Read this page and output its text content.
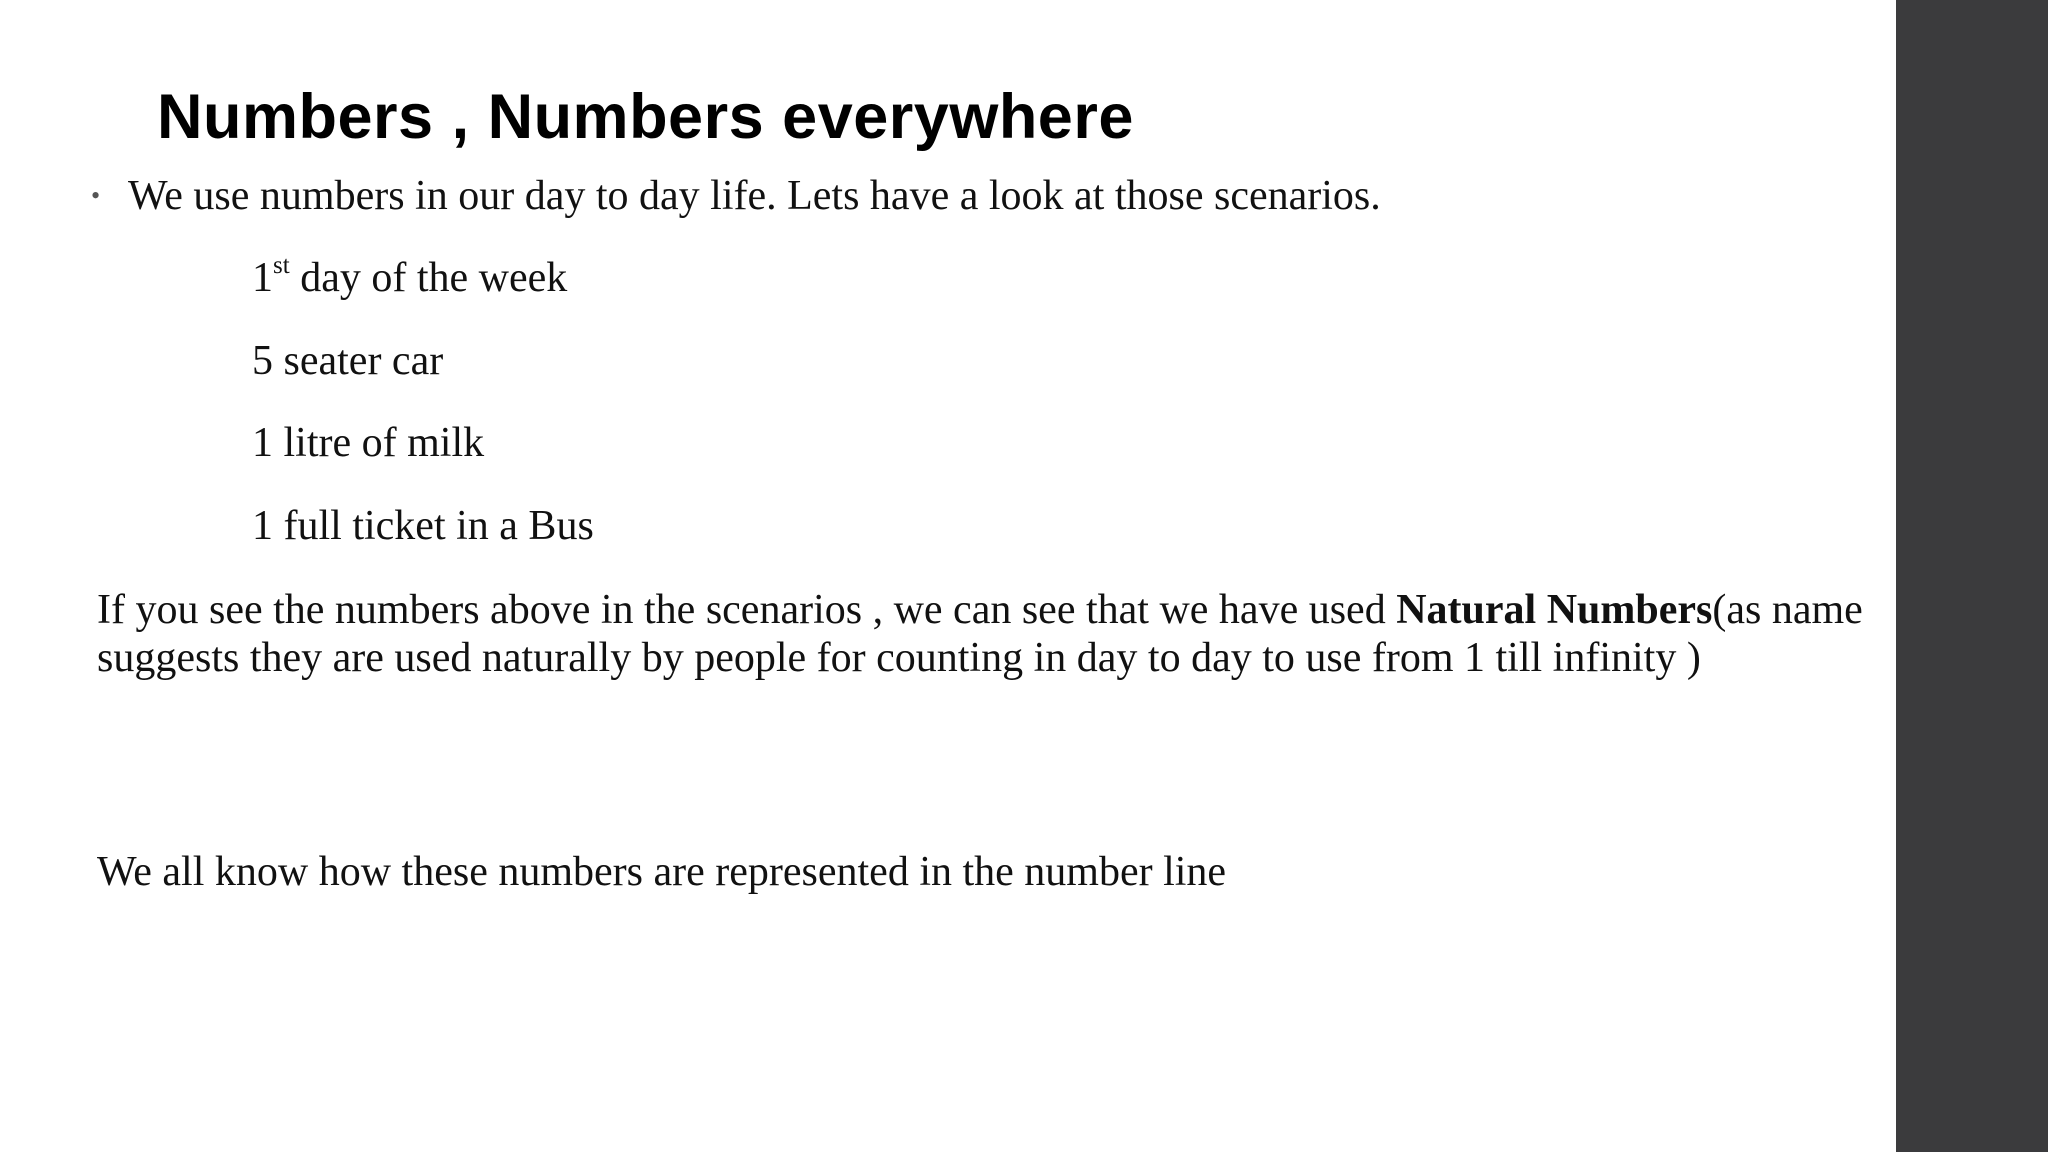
Numbers , Numbers everywhere
• We use numbers in our day to day life. Lets have a look at those scenarios.
1st day of the week
5 seater car
1 litre of milk
1 full ticket in a Bus

If you see the numbers above in the scenarios , we can see that we have used Natural Numbers(as name suggests they are used naturally by people for counting in day to day to use from 1 till infinity )

We all know how these numbers are represented in the number line
